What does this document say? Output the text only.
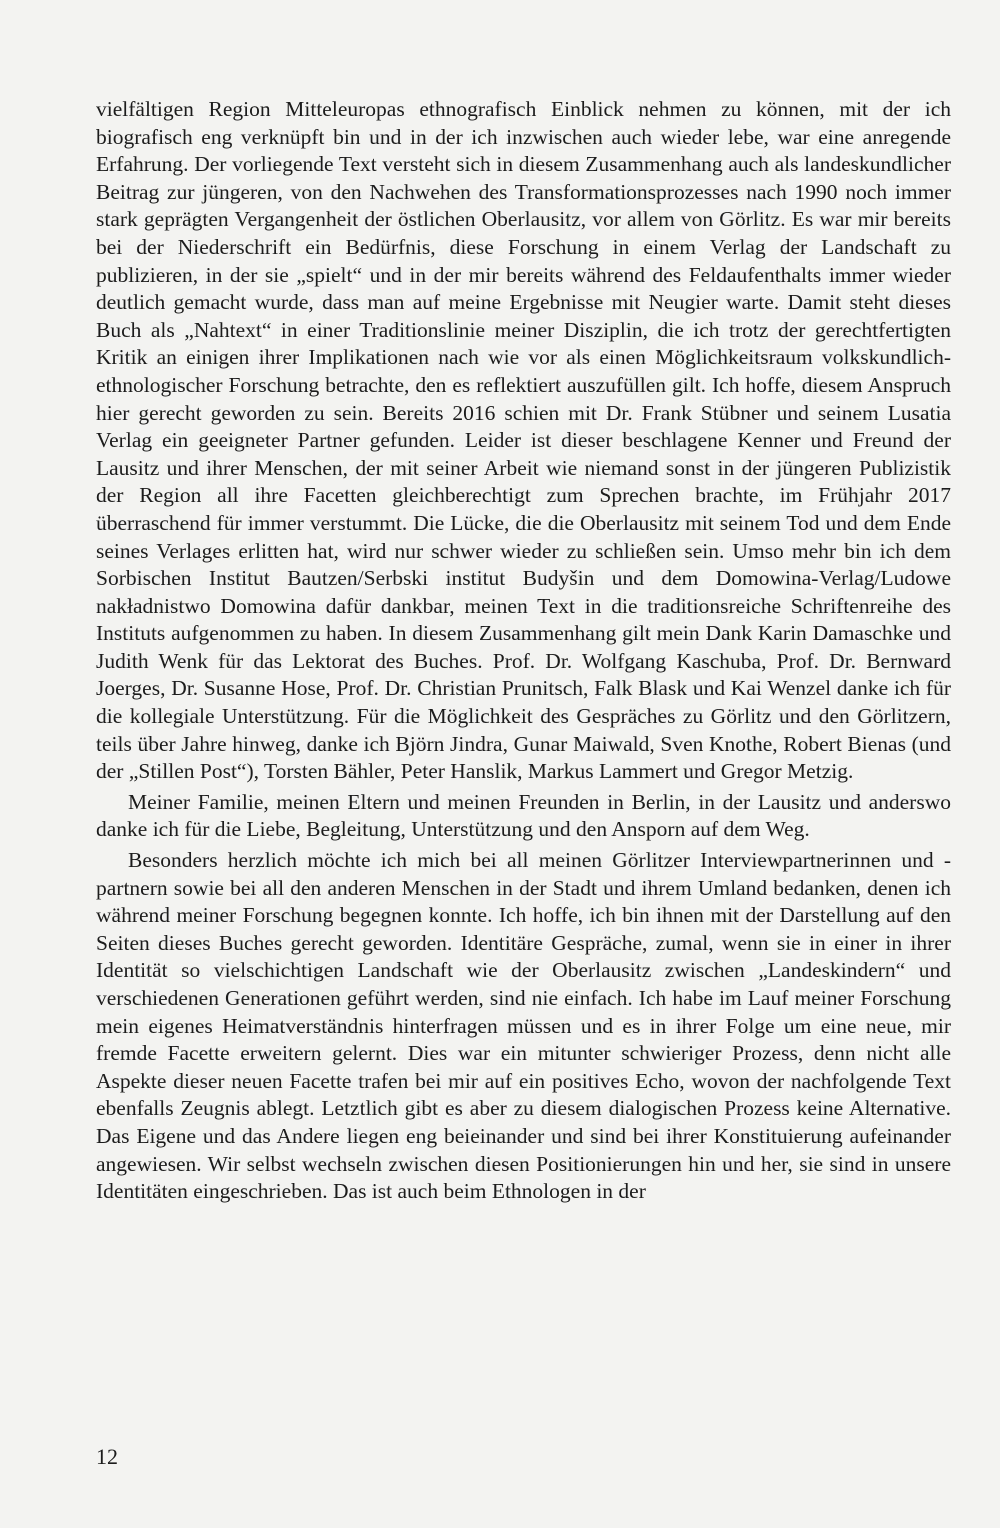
vielfältigen Region Mitteleuropas ethnografisch Einblick nehmen zu können, mit der ich biografisch eng verknüpft bin und in der ich inzwischen auch wieder lebe, war eine anregende Erfahrung. Der vorliegende Text versteht sich in diesem Zusammenhang auch als landeskundlicher Beitrag zur jüngeren, von den Nachwehen des Transformationsprozesses nach 1990 noch immer stark geprägten Vergangenheit der östlichen Oberlausitz, vor allem von Görlitz. Es war mir bereits bei der Niederschrift ein Bedürfnis, diese Forschung in einem Verlag der Landschaft zu publizieren, in der sie „spielt“ und in der mir bereits während des Feldaufenthalts immer wieder deutlich gemacht wurde, dass man auf meine Ergebnisse mit Neugier warte. Damit steht dieses Buch als „Nahtext“ in einer Traditionslinie meiner Disziplin, die ich trotz der gerechtfertigten Kritik an einigen ihrer Implikationen nach wie vor als einen Möglichkeitsraum volkskundlich-ethnologischer Forschung betrachte, den es reflektiert auszufüllen gilt. Ich hoffe, diesem Anspruch hier gerecht geworden zu sein. Bereits 2016 schien mit Dr. Frank Stübner und seinem Lusatia Verlag ein geeigneter Partner gefunden. Leider ist dieser beschlagene Kenner und Freund der Lausitz und ihrer Menschen, der mit seiner Arbeit wie niemand sonst in der jüngeren Publizistik der Region all ihre Facetten gleichberechtigt zum Sprechen brachte, im Frühjahr 2017 überraschend für immer verstummt. Die Lücke, die die Oberlausitz mit seinem Tod und dem Ende seines Verlages erlitten hat, wird nur schwer wieder zu schließen sein. Umso mehr bin ich dem Sorbischen Institut Bautzen/Serbski institut Budyšin und dem Domowina-Verlag/Ludowe nakładnistwo Domowina dafür dankbar, meinen Text in die traditionsreiche Schriftenreihe des Instituts aufgenommen zu haben. In diesem Zusammenhang gilt mein Dank Karin Damaschke und Judith Wenk für das Lektorat des Buches. Prof. Dr. Wolfgang Kaschuba, Prof. Dr. Bernward Joerges, Dr. Susanne Hose, Prof. Dr. Christian Prunitsch, Falk Blask und Kai Wenzel danke ich für die kollegiale Unterstützung. Für die Möglichkeit des Gespräches zu Görlitz und den Görlitzern, teils über Jahre hinweg, danke ich Björn Jindra, Gunar Maiwald, Sven Knothe, Robert Bienas (und der „Stillen Post“), Torsten Bähler, Peter Hanslik, Markus Lammert und Gregor Metzig.

Meiner Familie, meinen Eltern und meinen Freunden in Berlin, in der Lausitz und anderswo danke ich für die Liebe, Begleitung, Unterstützung und den Ansporn auf dem Weg.

Besonders herzlich möchte ich mich bei all meinen Görlitzer Interviewpartnerinnen und -partnern sowie bei all den anderen Menschen in der Stadt und ihrem Umland bedanken, denen ich während meiner Forschung begegnen konnte. Ich hoffe, ich bin ihnen mit der Darstellung auf den Seiten dieses Buches gerecht geworden. Identitäre Gespräche, zumal, wenn sie in einer in ihrer Identität so vielschichtigen Landschaft wie der Oberlausitz zwischen „Landeskindern“ und verschiedenen Generationen geführt werden, sind nie einfach. Ich habe im Lauf meiner Forschung mein eigenes Heimatverständnis hinterfragen müssen und es in ihrer Folge um eine neue, mir fremde Facette erweitern gelernt. Dies war ein mitunter schwieriger Prozess, denn nicht alle Aspekte dieser neuen Facette trafen bei mir auf ein positives Echo, wovon der nachfolgende Text ebenfalls Zeugnis ablegt. Letztlich gibt es aber zu diesem dialogischen Prozess keine Alternative. Das Eigene und das Andere liegen eng beieinander und sind bei ihrer Konstituierung aufeinander angewiesen. Wir selbst wechseln zwischen diesen Positionierungen hin und her, sie sind in unsere Identitäten eingeschrieben. Das ist auch beim Ethnologen in der

12
